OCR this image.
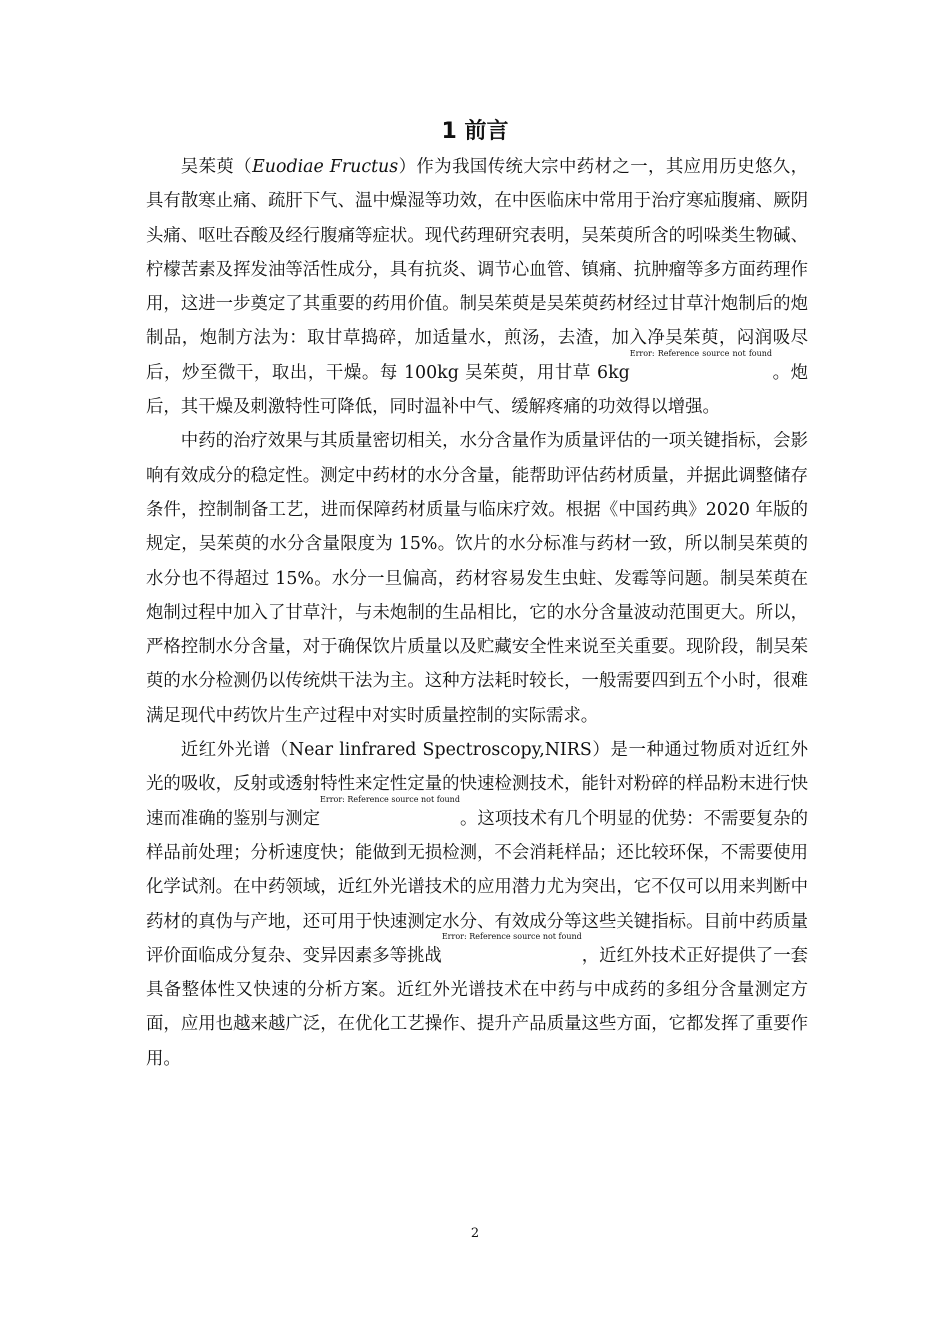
1 前言

吴茱萸（Euodiae Fructus）作为我国传统大宗中药材之一，其应用历史悠久，具有散寒止痛、疏肝下气、温中燥湿等功效，在中医临床中常用于治疗寒疝腹痛、厥阴头痛、呕吐吞酸及经行腹痛等症状。现代药理研究表明，吴茱萸所含的吲哚类生物碱、柠檬苦素及挥发油等活性成分，具有抗炎、调节心血管、镇痛、抗肿瘤等多方面药理作用，这进一步奠定了其重要的药用价值。制吴茱萸是吴茱萸药材经过甘草汁炮制后的炮制品，炮制方法为：取甘草捣碎，加适量水，煎汤，去渣，加入净吴茱萸，闷润吸尽后，炒至微干，取出，干燥。每 100kg 吴茱萸，用甘草 $6kg^{Error: Reference source not found}$。炮后，其干燥及刺激特性可降低，同时温补中气、缓解疼痛的功效得以增强。

中药的治疗效果与其质量密切相关，水分含量作为质量评估的一项关键指标，会影响有效成分的稳定性。测定中药材的水分含量，能帮助评估药材质量，并据此调整储存条件，控制制备工艺，进而保障药材质量与临床疗效。根据《中国药典》2020 年版的规定，吴茱萸的水分含量限度为 15%。饮片的水分标准与药材一致，所以制吴茱萸的水分也不得超过 15%。水分一旦偏高，药材容易发生虫蛀、发霉等问题。制吴茱萸在炮制过程中加入了甘草汁，与未炮制的生品相比，它的水分含量波动范围更大。所以，严格控制水分含量，对于确保饮片质量以及贮藏安全性来说至关重要。现阶段，制吴茱萸的水分检测仍以传统烘干法为主。这种方法耗时较长，一般需要四到五个小时，很难满足现代中药饮片生产过程中对实时质量控制的实际需求。

近红外光谱（Near linfrared Spectroscopy,NIRS）是一种通过物质对近红外光的吸收，反射或透射特性来定性定量的快速检测技术，能针对粉碎的样品粉末进行快速而准确的鉴别与测定$^{Error: Reference source not found}$。这项技术有几个明显的优势：不需要复杂的样品前处理；分析速度快；能做到无损检测，不会消耗样品；还比较环保，不需要使用化学试剂。在中药领域，近红外光谱技术的应用潜力尤为突出，它不仅可以用来判断中药材的真伪与产地，还可用于快速测定水分、有效成分等这些关键指标。目前中药质量评价面临成分复杂、变异因素多等挑战$^{Error: Reference source not found}$，近红外技术正好提供了一套具备整体性又快速的分析方案。近红外光谱技术在中药与中成药的多组分含量测定方面，应用也越来越广泛，在优化工艺操作、提升产品质量这些方面，它都发挥了重要作用。

2
